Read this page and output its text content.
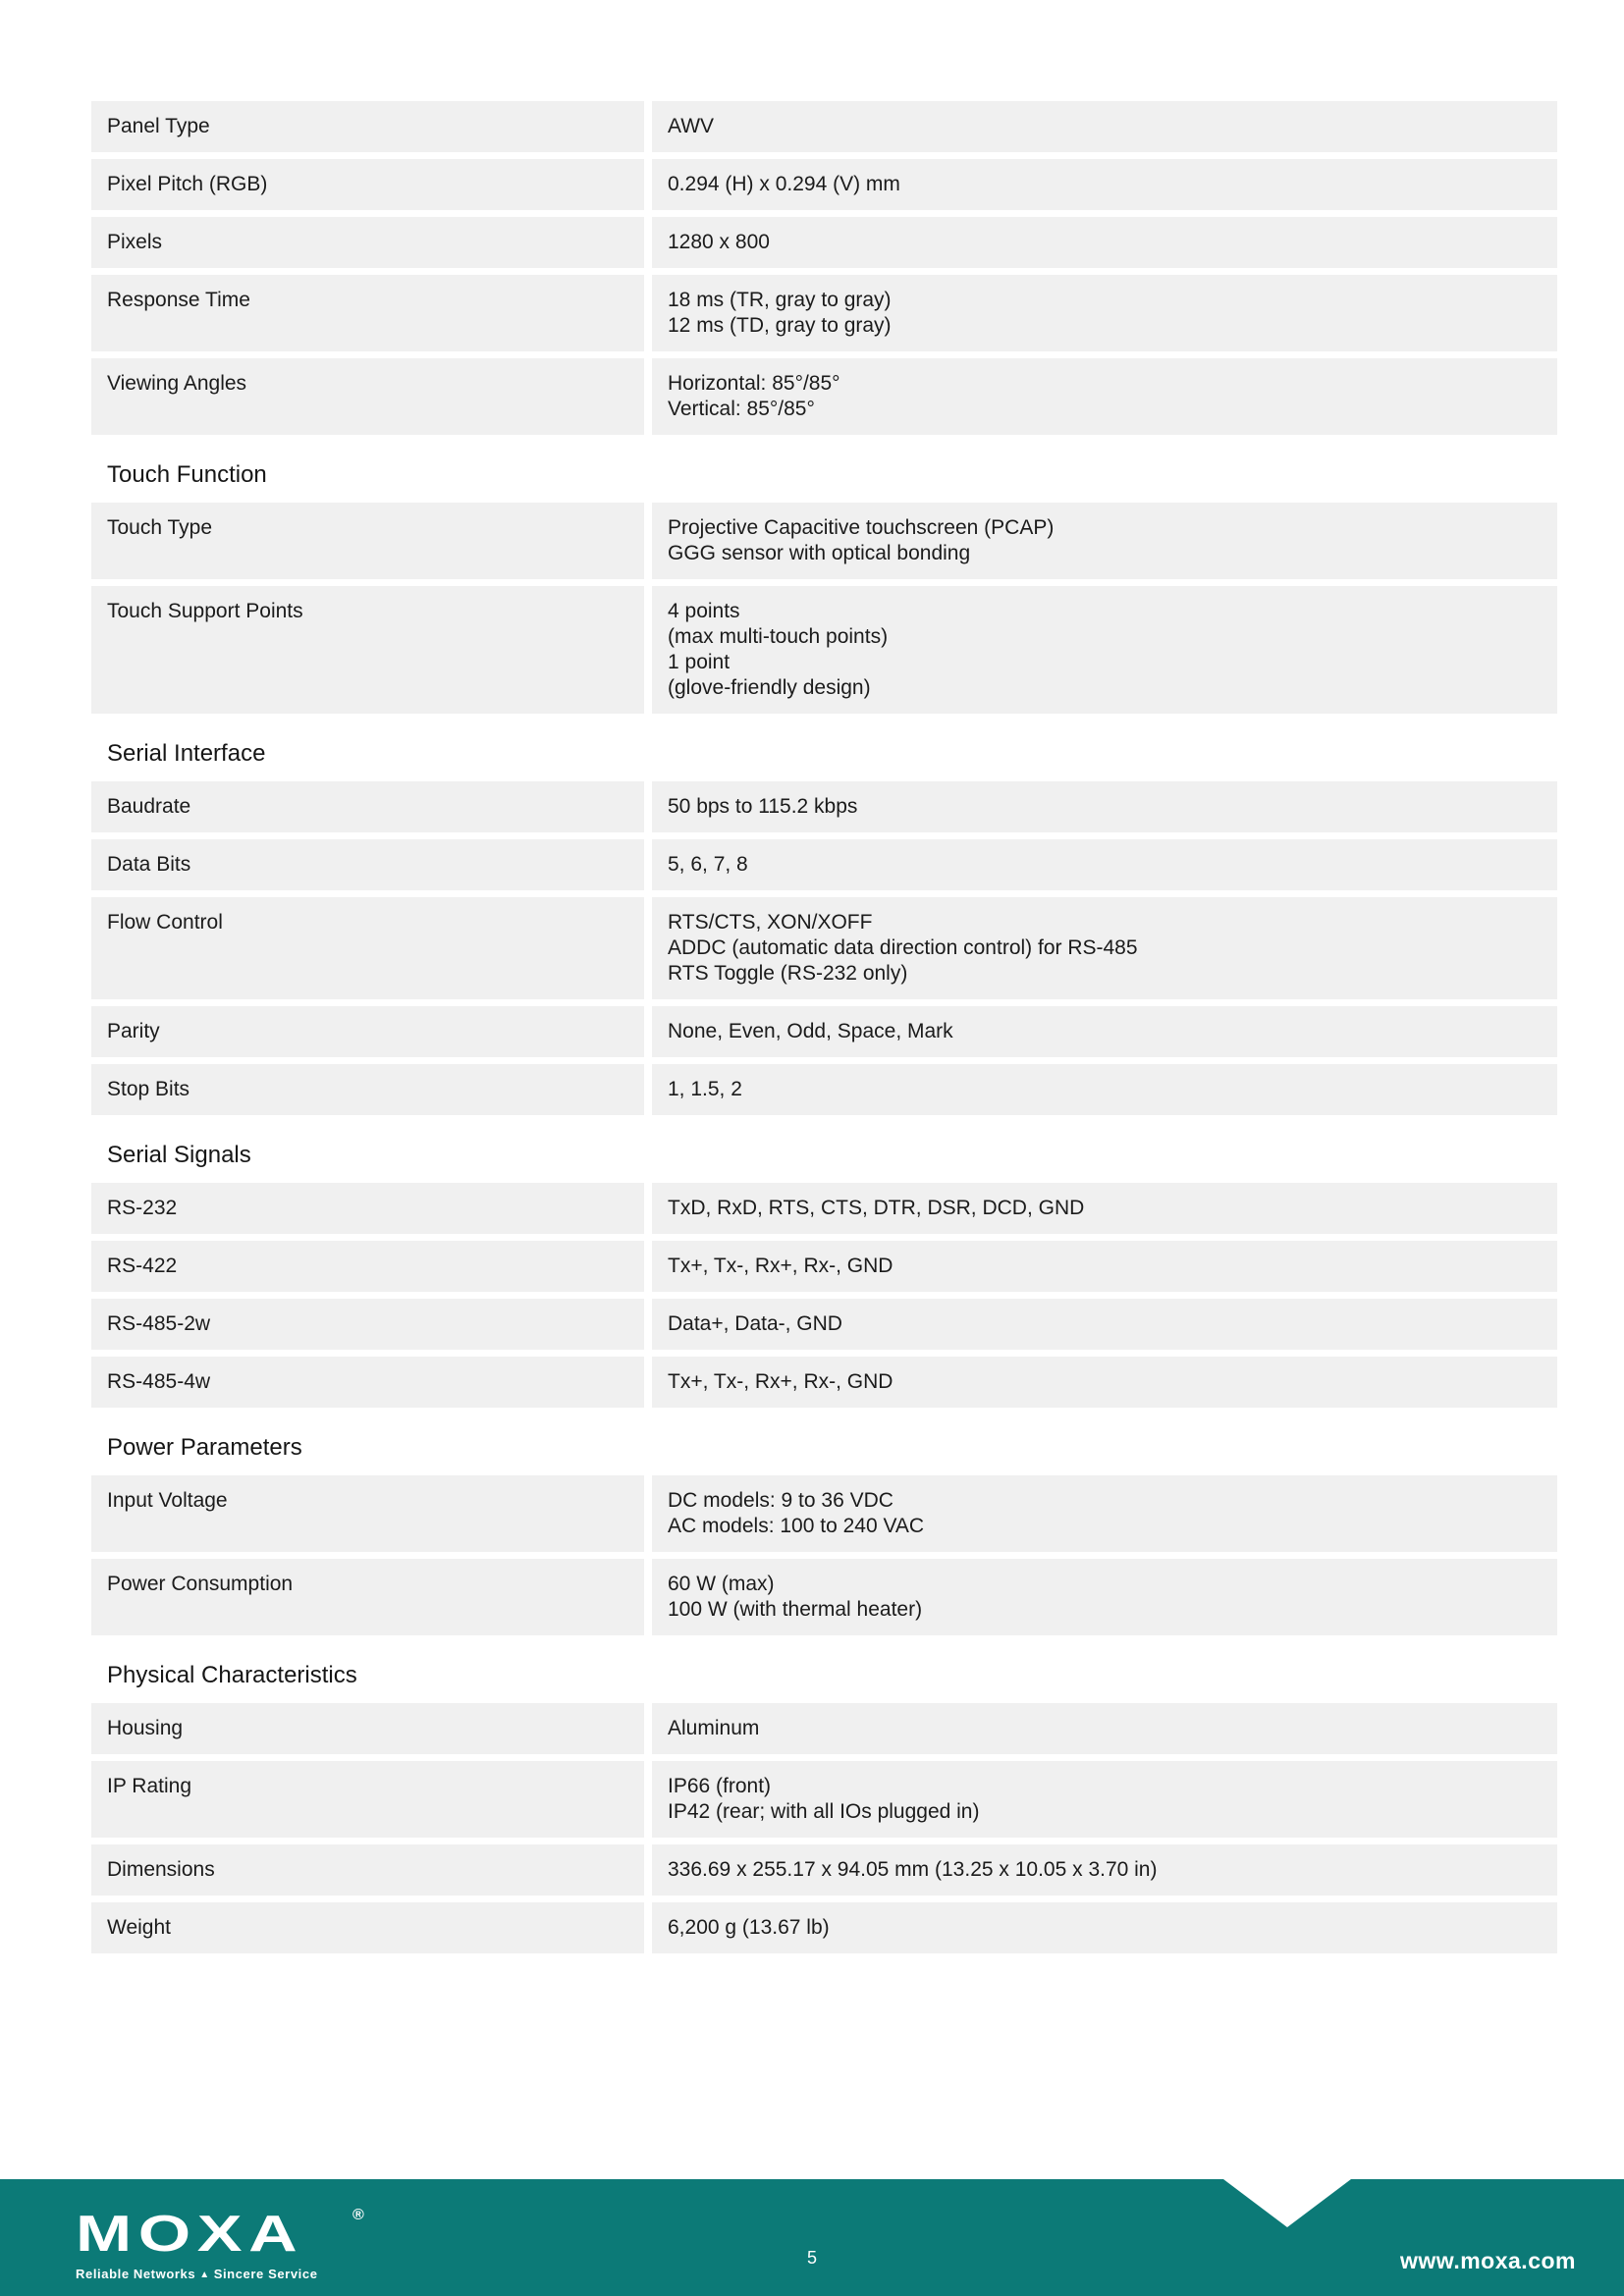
Panel Type	AWV
Pixel Pitch (RGB)	0.294 (H) x 0.294 (V) mm
Pixels	1280 x 800
Response Time	18 ms (TR, gray to gray)
12 ms (TD, gray to gray)
Viewing Angles	Horizontal: 85°/85°
Vertical: 85°/85°
Touch Function
Touch Type	Projective Capacitive touchscreen (PCAP)
GGG sensor with optical bonding
Touch Support Points	4 points
(max multi-touch points)
1 point
(glove-friendly design)
Serial Interface
Baudrate	50 bps to 115.2 kbps
Data Bits	5, 6, 7, 8
Flow Control	RTS/CTS, XON/XOFF
ADDC (automatic data direction control) for RS-485
RTS Toggle (RS-232 only)
Parity	None, Even, Odd, Space, Mark
Stop Bits	1, 1.5, 2
Serial Signals
RS-232	TxD, RxD, RTS, CTS, DTR, DSR, DCD, GND
RS-422	Tx+, Tx-, Rx+, Rx-, GND
RS-485-2w	Data+, Data-, GND
RS-485-4w	Tx+, Tx-, Rx+, Rx-, GND
Power Parameters
Input Voltage	DC models: 9 to 36 VDC
AC models: 100 to 240 VAC
Power Consumption	60 W (max)
100 W (with thermal heater)
Physical Characteristics
Housing	Aluminum
IP Rating	IP66 (front)
IP42 (rear; with all IOs plugged in)
Dimensions	336.69 x 255.17 x 94.05 mm (13.25 x 10.05 x 3.70 in)
Weight	6,200 g (13.67 lb)
MOXA	®
Reliable Networks ▲ Sincere Service
5	www.moxa.com
